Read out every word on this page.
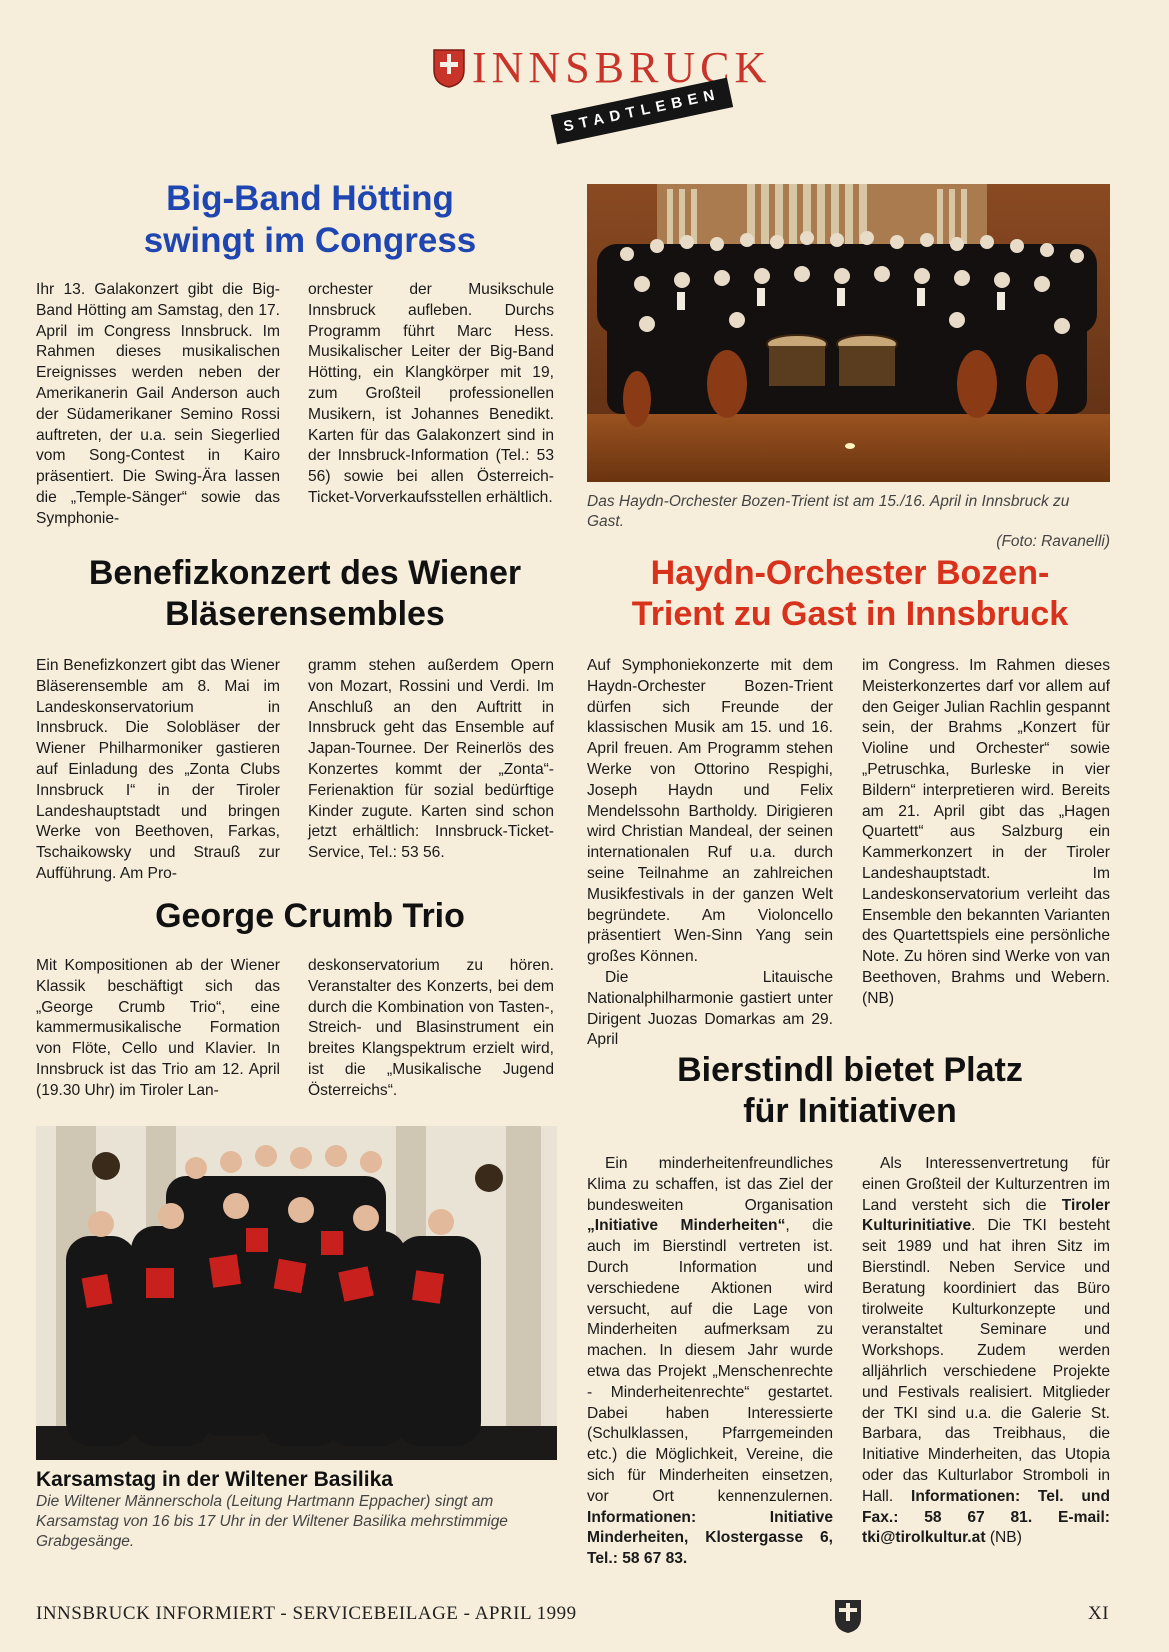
INNSBRUCK
STADTLEBEN
Big-Band Hötting
swingt im Congress
Ihr 13. Galakonzert gibt die Big-Band Hötting am Samstag, den 17. April im Congress Innsbruck. Im Rahmen dieses musikalischen Ereignisses werden neben der Amerikanerin Gail Anderson auch der Südamerikaner Semino Rossi auftreten, der u.a. sein Siegerlied vom Song-Contest in Kairo präsentiert. Die Swing-Ära lassen die „Temple-Sänger“ sowie das Symphonie-
orchester der Musikschule Innsbruck aufleben. Durchs Programm führt Marc Hess. Musikalischer Leiter der Big-Band Hötting, ein Klangkörper mit 19, zum Großteil professionellen Musikern, ist Johannes Benedikt. Karten für das Galakonzert sind in der Innsbruck-Information (Tel.: 53 56) sowie bei allen Österreich-Ticket-Vorverkaufsstellen erhältlich. Das Haydn-Orchester Bozen-Trient ist am 15./16. April in Innsbruck zu Gast.
(Foto: Ravanelli)
Benefizkonzert des Wiener
Bläserensembles
Ein Benefizkonzert gibt das Wiener Bläserensemble am 8. Mai im Landeskonservatorium in Innsbruck. Die Solobläser der Wiener Philharmoniker gastieren auf Einladung des „Zonta Clubs Innsbruck I“ in der Tiroler Landeshauptstadt und bringen Werke von Beethoven, Farkas, Tschaikowsky und Strauß zur Aufführung. Am Pro-
gramm stehen außerdem Opern von Mozart, Rossini und Verdi. Im Anschluß an den Auftritt in Innsbruck geht das Ensemble auf Japan-Tournee. Der Reinerlös des Konzertes kommt der „Zonta“-Ferienaktion für sozial bedürftige Kinder zugute. Karten sind schon jetzt erhältlich: Innsbruck-Ticket-Service, Tel.: 53 56.
George Crumb Trio
Mit Kompositionen ab der Wiener Klassik beschäftigt sich das „George Crumb Trio“, eine kammermusikalische Formation von Flöte, Cello und Klavier. In Innsbruck ist das Trio am 12. April (19.30 Uhr) im Tiroler Lan-
deskonservatorium zu hören. Veranstalter des Konzerts, bei dem durch die Kombination von Tasten-, Streich- und Blasinstrument ein breites Klangspektrum erzielt wird, ist die „Musikalische Jugend Österreichs“.
Haydn-Orchester Bozen-
Trient zu Gast in Innsbruck
Auf Symphoniekonzerte mit dem Haydn-Orchester Bozen-Trient dürfen sich Freunde der klassischen Musik am 15. und 16. April freuen. Am Programm stehen Werke von Ottorino Respighi, Joseph Haydn und Felix Mendelssohn Bartholdy. Dirigieren wird Christian Mandeal, der seinen internationalen Ruf u.a. durch seine Teilnahme an zahlreichen Musikfestivals in der ganzen Welt begründete. Am Violoncello präsentiert Wen-Sinn Yang sein großes Können.
Die Litauische Nationalphilharmonie gastiert unter Dirigent Juozas Domarkas am 29. April
im Congress. Im Rahmen dieses Meisterkonzertes darf vor allem auf den Geiger Julian Rachlin gespannt sein, der Brahms „Konzert für Violine und Orchester“ sowie „Petruschka, Burleske in vier Bildern“ interpretieren wird. Bereits am 21. April gibt das „Hagen Quartett“ aus Salzburg ein Kammerkonzert in der Tiroler Landeshauptstadt. Im Landeskonservatorium verleiht das Ensemble den bekannten Varianten des Quartettspiels eine persönliche Note. Zu hören sind Werke von van Beethoven, Brahms und Webern. (NB)
Karsamstag in der Wiltener Basilika
Die Wiltener Männerschola (Leitung Hartmann Eppacher) singt am Karsamstag von 16 bis 17 Uhr in der Wiltener Basilika mehrstimmige Grabgesänge.
Bierstindl bietet Platz
für Initiativen
Ein minderheitenfreundliches Klima zu schaffen, ist das Ziel der bundesweiten Organisation „Initiative Minderheiten“, die auch im Bierstindl vertreten ist. Durch Information und verschiedene Aktionen wird versucht, auf die Lage von Minderheiten aufmerksam zu machen. In diesem Jahr wurde etwa das Projekt „Menschenrechte - Minderheitenrechte“ gestartet. Dabei haben Interessierte (Schulklassen, Pfarrgemeinden etc.) die Möglichkeit, Vereine, die sich für Minderheiten einsetzen, vor Ort kennenzulernen. Informationen: Initiative Minderheiten, Klostergasse 6, Tel.: 58 67 83.
Als Interessenvertretung für einen Großteil der Kulturzentren im Land versteht sich die Tiroler Kulturinitiative. Die TKI besteht seit 1989 und hat ihren Sitz im Bierstindl. Neben Service und Beratung koordiniert das Büro tirolweite Kulturkonzepte und veranstaltet Seminare und Workshops. Zudem werden alljährlich verschiedene Projekte und Festivals realisiert. Mitglieder der TKI sind u.a. die Galerie St. Barbara, das Treibhaus, die Initiative Minderheiten, das Utopia oder das Kulturlabor Stromboli in Hall. Informationen: Tel. und Fax.: 58 67 81. E-mail: tki@tirolkultur.at (NB)
INNSBRUCK INFORMIERT - SERVICEBEILAGE - APRIL 1999	XI
